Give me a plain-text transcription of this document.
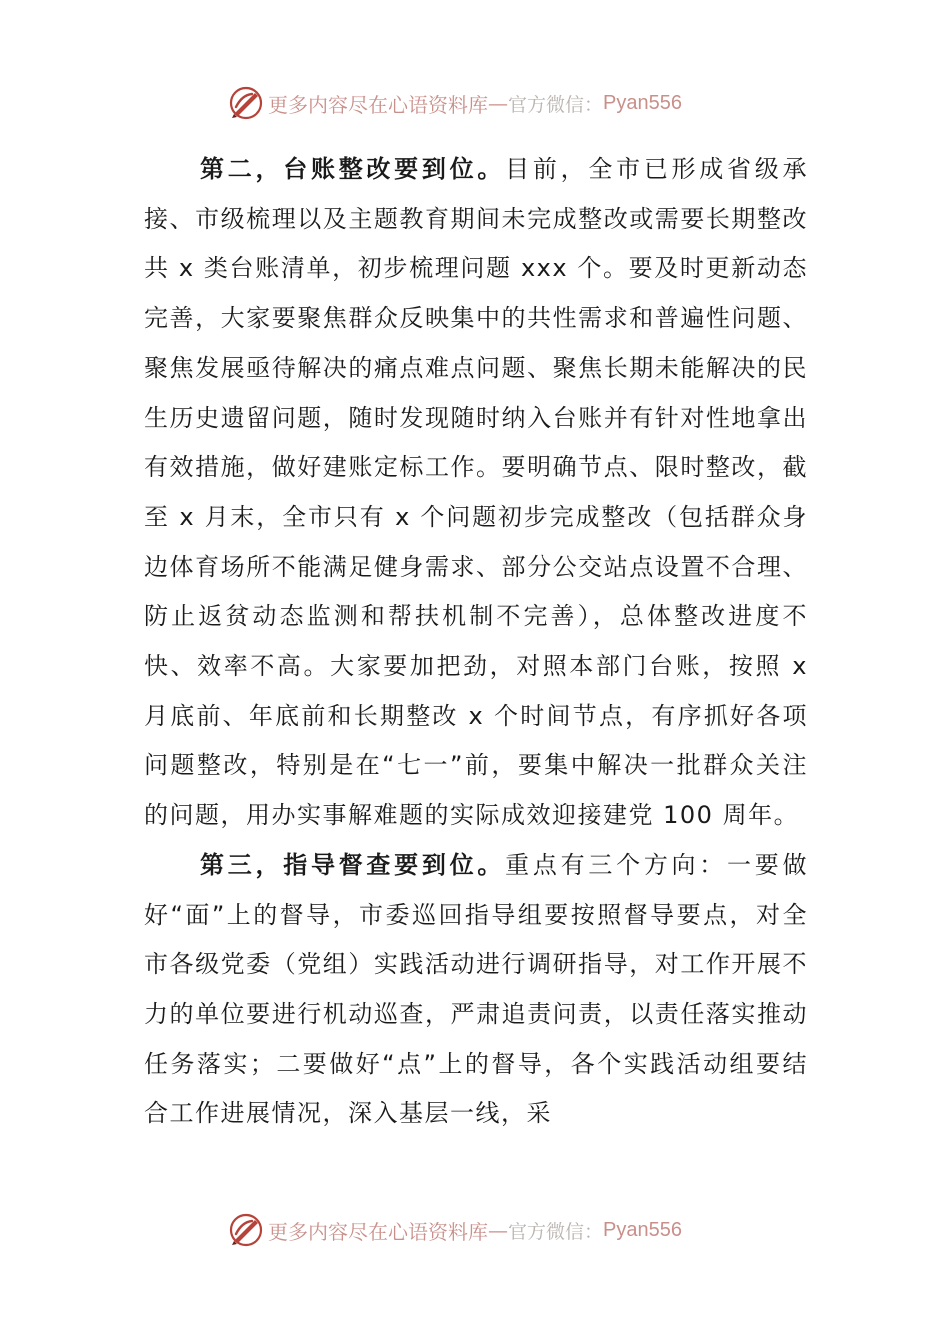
更多内容尽在心语资料库 — 官方微信： Pyan556

第二，台账整改要到位。目前，全市已形成省级承接、市级梳理以及主题教育期间未完成整改或需要长期整改共 x 类台账清单，初步梳理问题 xxx 个。要及时更新动态完善，大家要聚焦群众反映集中的共性需求和普遍性问题、聚焦发展亟待解决的痛点难点问题、聚焦长期未能解决的民生历史遗留问题，随时发现随时纳入台账并有针对性地拿出有效措施，做好建账定标工作。要明确节点、限时整改，截至 x 月末，全市只有 x 个问题初步完成整改（包括群众身边体育场所不能满足健身需求、部分公交站点设置不合理、防止返贫动态监测和帮扶机制不完善），总体整改进度不快、效率不高。大家要加把劲，对照本部门台账，按照 x 月底前、年底前和长期整改 x 个时间节点，有序抓好各项问题整改，特别是在“七一”前，要集中解决一批群众关注的问题，用办实事解难题的实际成效迎接建党 100 周年。

第三，指导督查要到位。重点有三个方向：一要做好“面”上的督导，市委巡回指导组要按照督导要点，对全市各级党委（党组）实践活动进行调研指导，对工作开展不力的单位要进行机动巡查，严肃追责问责，以责任落实推动任务落实；二要做好“点”上的督导，各个实践活动组要结合工作进展情况，深入基层一线，采

更多内容尽在心语资料库 — 官方微信： Pyan556
